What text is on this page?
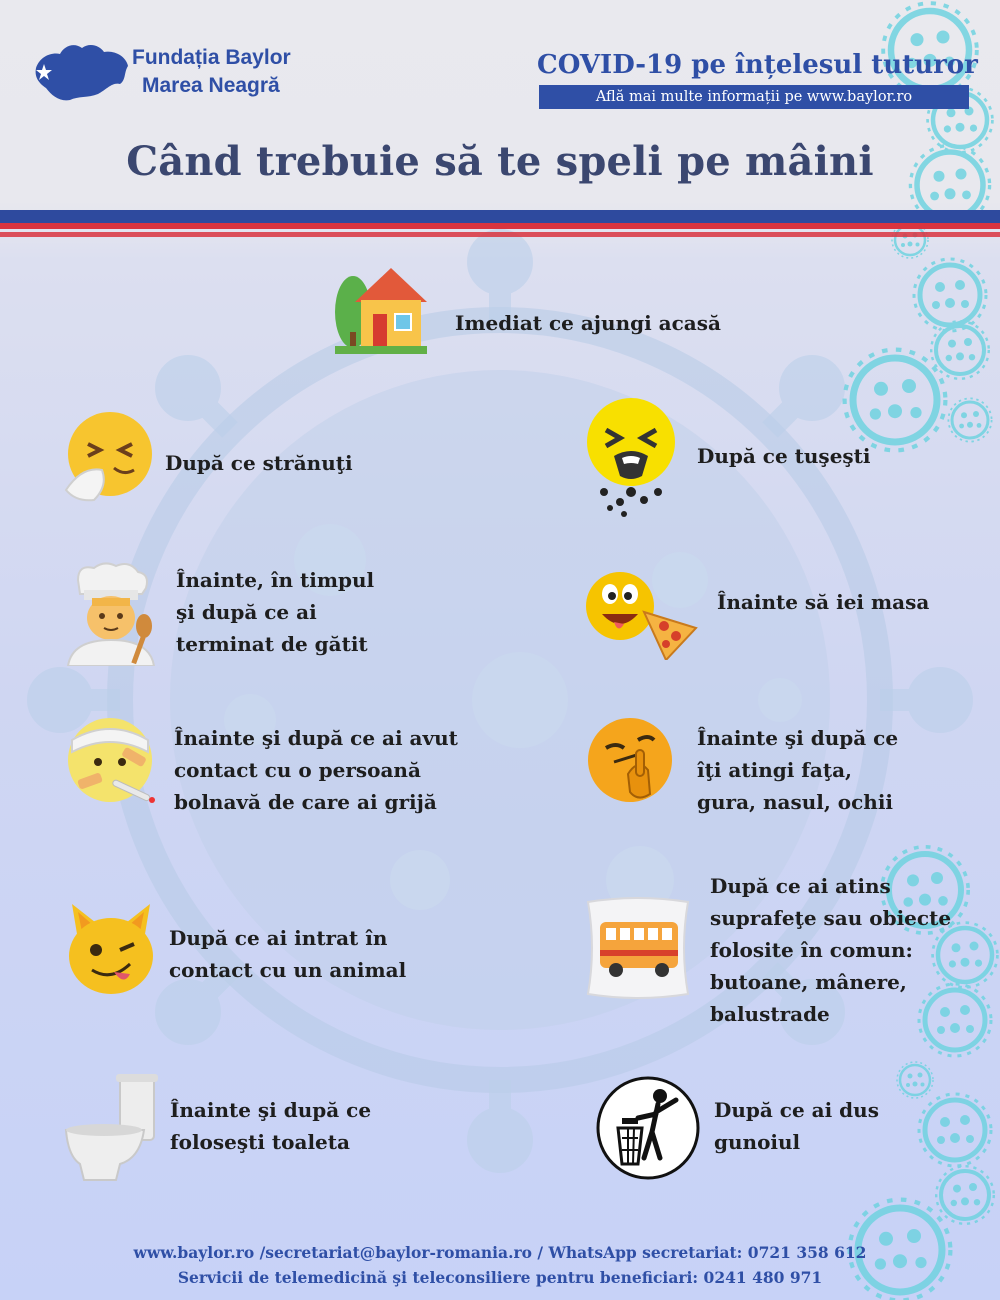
Fundația Baylor
Marea Neagră
COVID-19 pe înțelesul tuturor
Află mai multe informații pe www.baylor.ro
Când trebuie să te speli pe mâini
Imediat ce ajungi acasă
După ce strănuţi	După ce tuşeşti
Înainte, în timpul
şi după ce ai
terminat de gătit
Înainte să iei masa
Înainte şi după ce ai avut
contact cu o persoană
bolnavă de care ai grijă
Înainte şi după ce
îţi atingi faţa,
gura, nasul, ochii
După ce ai intrat în
contact cu un animal
După ce ai atins
suprafeţe sau obiecte
folosite în comun:
butoane, mânere,
balustrade
Înainte şi după ce
foloseşti toaleta
După ce ai dus
gunoiul
www.baylor.ro /secretariat@baylor-romania.ro / WhatsApp secretariat: 0721 358 612
Servicii de telemedicină şi teleconsiliere pentru beneficiari: 0241 480 971
